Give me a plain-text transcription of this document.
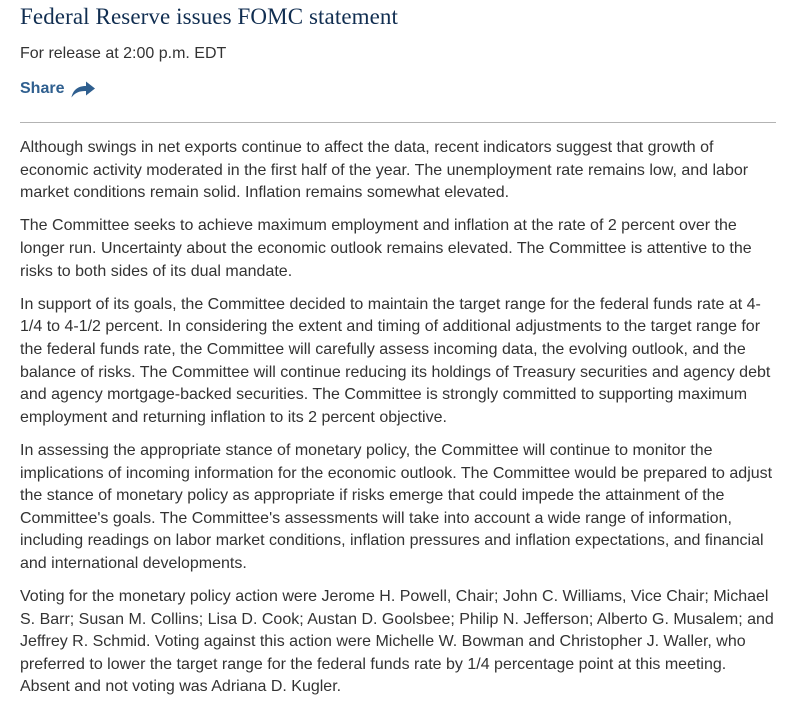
Federal Reserve issues FOMC statement
For release at 2:00 p.m. EDT
Share

Although swings in net exports continue to affect the data, recent indicators suggest that growth of economic activity moderated in the first half of the year. The unemployment rate remains low, and labor market conditions remain solid. Inflation remains somewhat elevated.

The Committee seeks to achieve maximum employment and inflation at the rate of 2 percent over the longer run. Uncertainty about the economic outlook remains elevated. The Committee is attentive to the risks to both sides of its dual mandate.

In support of its goals, the Committee decided to maintain the target range for the federal funds rate at 4-1/4 to 4-1/2 percent. In considering the extent and timing of additional adjustments to the target range for the federal funds rate, the Committee will carefully assess incoming data, the evolving outlook, and the balance of risks. The Committee will continue reducing its holdings of Treasury securities and agency debt and agency mortgage-backed securities. The Committee is strongly committed to supporting maximum employment and returning inflation to its 2 percent objective.

In assessing the appropriate stance of monetary policy, the Committee will continue to monitor the implications of incoming information for the economic outlook. The Committee would be prepared to adjust the stance of monetary policy as appropriate if risks emerge that could impede the attainment of the Committee's goals. The Committee's assessments will take into account a wide range of information, including readings on labor market conditions, inflation pressures and inflation expectations, and financial and international developments.

Voting for the monetary policy action were Jerome H. Powell, Chair; John C. Williams, Vice Chair; Michael S. Barr; Susan M. Collins; Lisa D. Cook; Austan D. Goolsbee; Philip N. Jefferson; Alberto G. Musalem; and Jeffrey R. Schmid. Voting against this action were Michelle W. Bowman and Christopher J. Waller, who preferred to lower the target range for the federal funds rate by 1/4 percentage point at this meeting. Absent and not voting was Adriana D. Kugler.
